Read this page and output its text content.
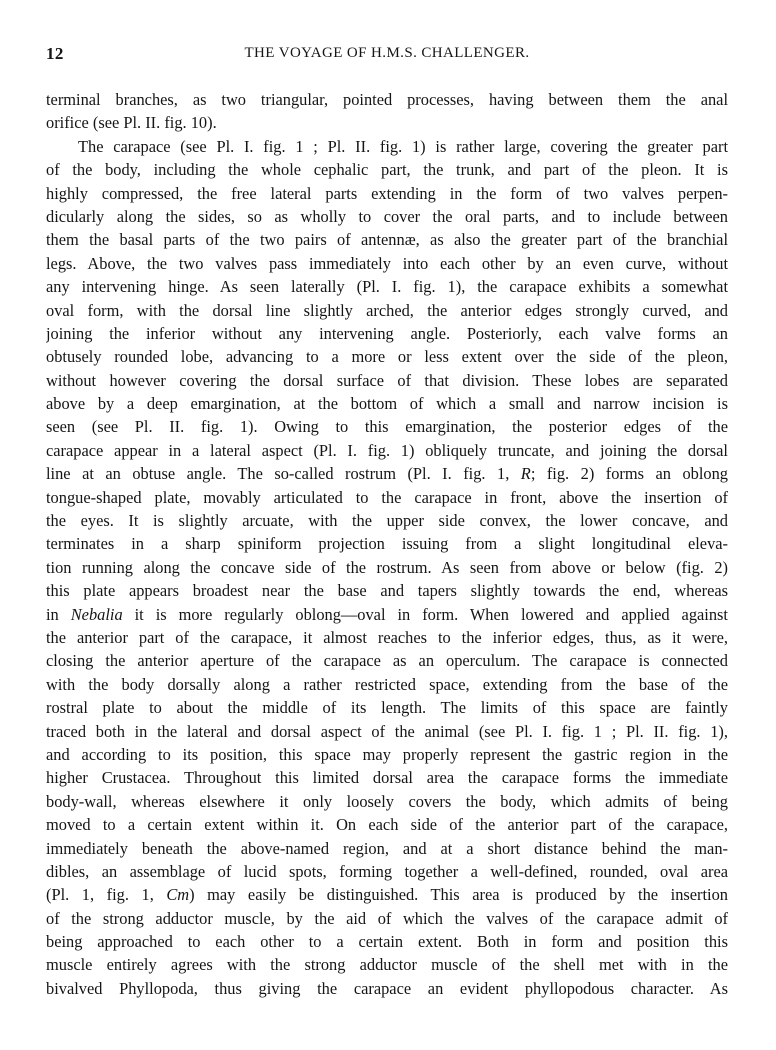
12	THE VOYAGE OF H.M.S. CHALLENGER.
terminal branches, as two triangular, pointed processes, having between them the anal
orifice (see Pl. II. fig. 10).
The carapace (see Pl. I. fig. 1 ; Pl. II. fig. 1) is rather large, covering the greater part
of the body, including the whole cephalic part, the trunk, and part of the pleon. It is
highly compressed, the free lateral parts extending in the form of two valves perpen-
dicularly along the sides, so as wholly to cover the oral parts, and to include between
them the basal parts of the two pairs of antennæ, as also the greater part of the branchial
legs. Above, the two valves pass immediately into each other by an even curve, without
any intervening hinge. As seen laterally (Pl. I. fig. 1), the carapace exhibits a somewhat
oval form, with the dorsal line slightly arched, the anterior edges strongly curved, and
joining the inferior without any intervening angle. Posteriorly, each valve forms an
obtusely rounded lobe, advancing to a more or less extent over the side of the pleon,
without however covering the dorsal surface of that division. These lobes are separated
above by a deep emargination, at the bottom of which a small and narrow incision is
seen (see Pl. II. fig. 1). Owing to this emargination, the posterior edges of the
carapace appear in a lateral aspect (Pl. I. fig. 1) obliquely truncate, and joining the dorsal
line at an obtuse angle. The so-called rostrum (Pl. I. fig. 1, R; fig. 2) forms an oblong
tongue-shaped plate, movably articulated to the carapace in front, above the insertion of
the eyes. It is slightly arcuate, with the upper side convex, the lower concave, and
terminates in a sharp spiniform projection issuing from a slight longitudinal eleva-
tion running along the concave side of the rostrum. As seen from above or below (fig. 2)
this plate appears broadest near the base and tapers slightly towards the end, whereas
in Nebalia it is more regularly oblong—oval in form. When lowered and applied against
the anterior part of the carapace, it almost reaches to the inferior edges, thus, as it were,
closing the anterior aperture of the carapace as an operculum. The carapace is connected
with the body dorsally along a rather restricted space, extending from the base of the
rostral plate to about the middle of its length. The limits of this space are faintly
traced both in the lateral and dorsal aspect of the animal (see Pl. I. fig. 1 ; Pl. II. fig. 1),
and according to its position, this space may properly represent the gastric region in the
higher Crustacea. Throughout this limited dorsal area the carapace forms the immediate
body-wall, whereas elsewhere it only loosely covers the body, which admits of being
moved to a certain extent within it. On each side of the anterior part of the carapace,
immediately beneath the above-named region, and at a short distance behind the man-
dibles, an assemblage of lucid spots, forming together a well-defined, rounded, oval area
(Pl. 1, fig. 1, Cm) may easily be distinguished. This area is produced by the insertion
of the strong adductor muscle, by the aid of which the valves of the carapace admit of
being approached to each other to a certain extent. Both in form and position this
muscle entirely agrees with the strong adductor muscle of the shell met with in the
bivalved Phyllopoda, thus giving the carapace an evident phyllopodous character. As
